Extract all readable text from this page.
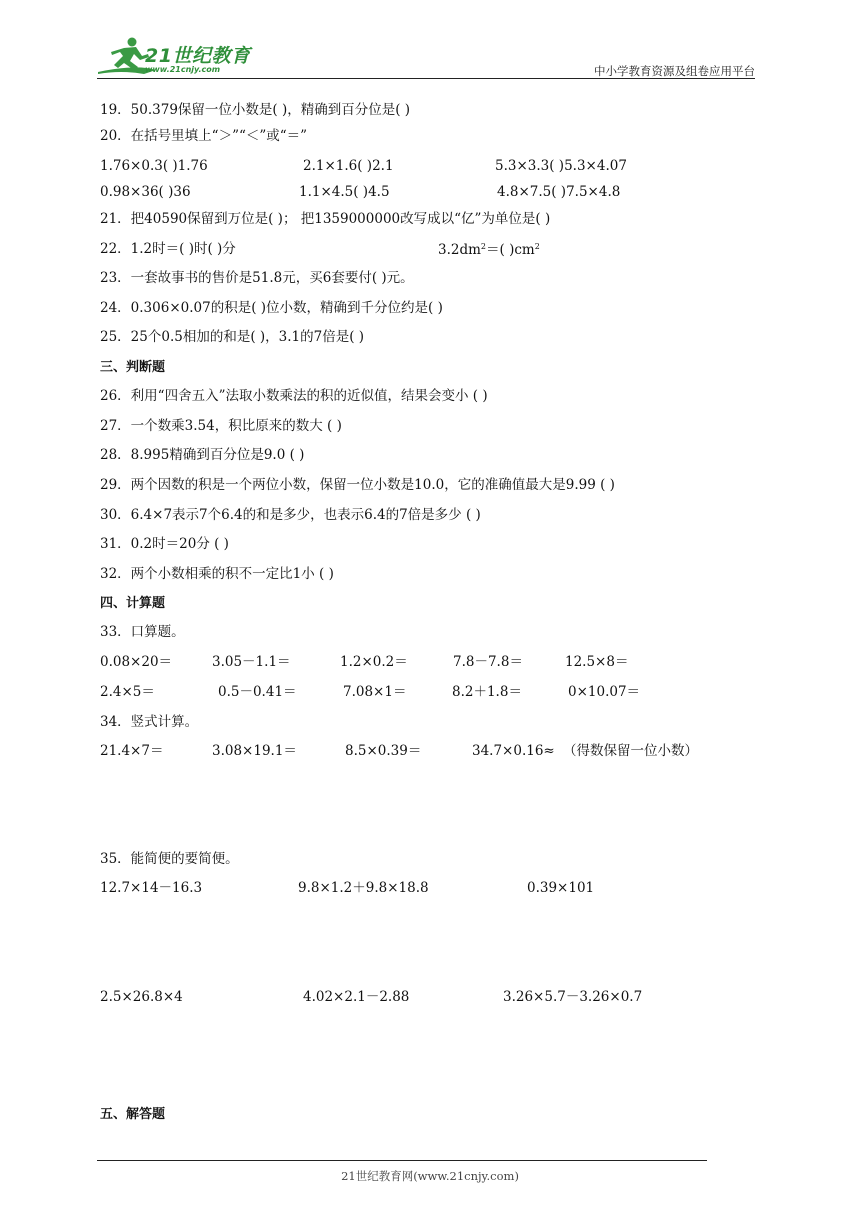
21世纪教育
www.21cnjy.com	中小学教育资源及组卷应用平台
19．50.379保留一位小数是( )，精确到百分位是( )
20．在括号里填上“＞”“＜”或“＝”
1.76×0.3( )1.76	2.1×1.6( )2.1	5.3×3.3( )5.3×4.07
0.98×36( )36	1.1×4.5( )4.5	4.8×7.5( )7.5×4.8
21．把40590保留到万位是( )； 把1359000000改写成以“亿”为单位是( )
22．1.2时＝( )时( )分	$3.2dm^2=$( )$cm^2$
23．一套故事书的售价是51.8元，买6套要付( )元。
24．0.306×0.07的积是( )位小数，精确到千分位约是( )
25．25个0.5相加的和是( )，3.1的7倍是( )
三、判断题
26．利用“四舍五入”法取小数乘法的积的近似值，结果会变小 ( )
27．一个数乘3.54，积比原来的数大 ( )
28．8.995精确到百分位是9.0 ( )
29．两个因数的积是一个两位小数，保留一位小数是10.0，它的准确值最大是9.99 ( )
30．6.4×7表示7个6.4的和是多少，也表示6.4的7倍是多少 ( )
31．0.2时＝20分 ( )
32．两个小数相乘的积不一定比1小 ( )
四、计算题
33．口算题。
0.08×20＝	3.05－1.1＝	1.2×0.2＝	7.8－7.8＝	12.5×8＝
2.4×5＝	0.5－0.41＝	7.08×1＝	8.2＋1.8＝	0×10.07＝
34．竖式计算。
21.4×7＝	3.08×19.1＝	8.5×0.39＝	34.7×0.16≈ （得数保留一位小数）
35．能简便的要简便。
12.7×14－16.3	9.8×1.2＋9.8×18.8	0.39×101
2.5×26.8×4	4.02×2.1－2.88	3.26×5.7－3.26×0.7
五、解答题
21世纪教育网(www.21cnjy.com)
